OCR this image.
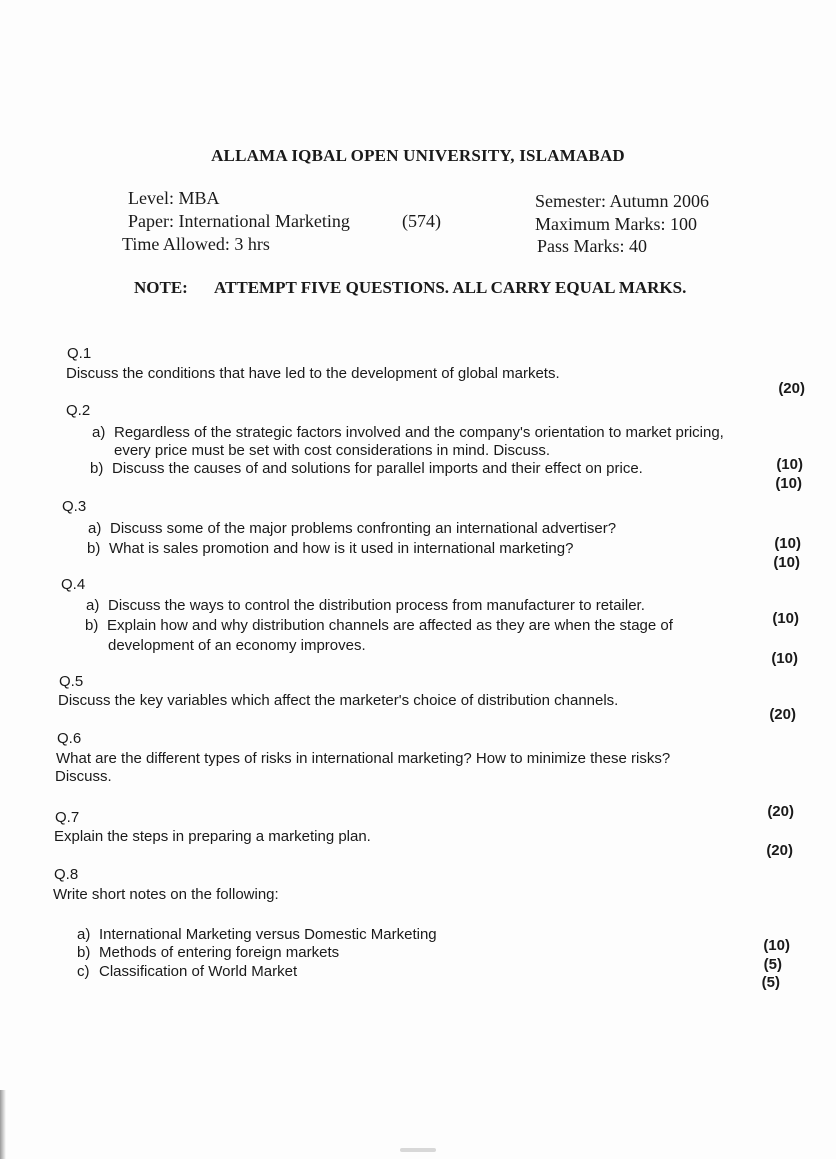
ALLAMA IQBAL OPEN UNIVERSITY, ISLAMABAD
Level: MBA
Paper: International Marketing	(574)
Time Allowed: 3 hrs
Semester: Autumn 2006
Maximum Marks: 100
Pass Marks: 40
NOTE: ATTEMPT FIVE QUESTIONS. ALL CARRY EQUAL MARKS.
Q.1
Discuss the conditions that have led to the development of global markets.
(20)
Q.2
a) Regardless of the strategic factors involved and the company's orientation to market pricing,
every price must be set with cost considerations in mind. Discuss.
(10)
b) Discuss the causes of and solutions for parallel imports and their effect on price.
(10)
Q.3
a) Discuss some of the major problems confronting an international advertiser?
(10)
b) What is sales promotion and how is it used in international marketing?
(10)
Q.4
a) Discuss the ways to control the distribution process from manufacturer to retailer.
(10)
b) Explain how and why distribution channels are affected as they are when the stage of
development of an economy improves.
(10)
Q.5
Discuss the key variables which affect the marketer's choice of distribution channels.
(20)
Q.6
What are the different types of risks in international marketing? How to minimize these risks?
Discuss.
(20)
Q.7
Explain the steps in preparing a marketing plan.
(20)
Q.8
Write short notes on the following:
a) International Marketing versus Domestic Marketing
(10)
b) Methods of entering foreign markets
(5)
c) Classification of World Market
(5)
